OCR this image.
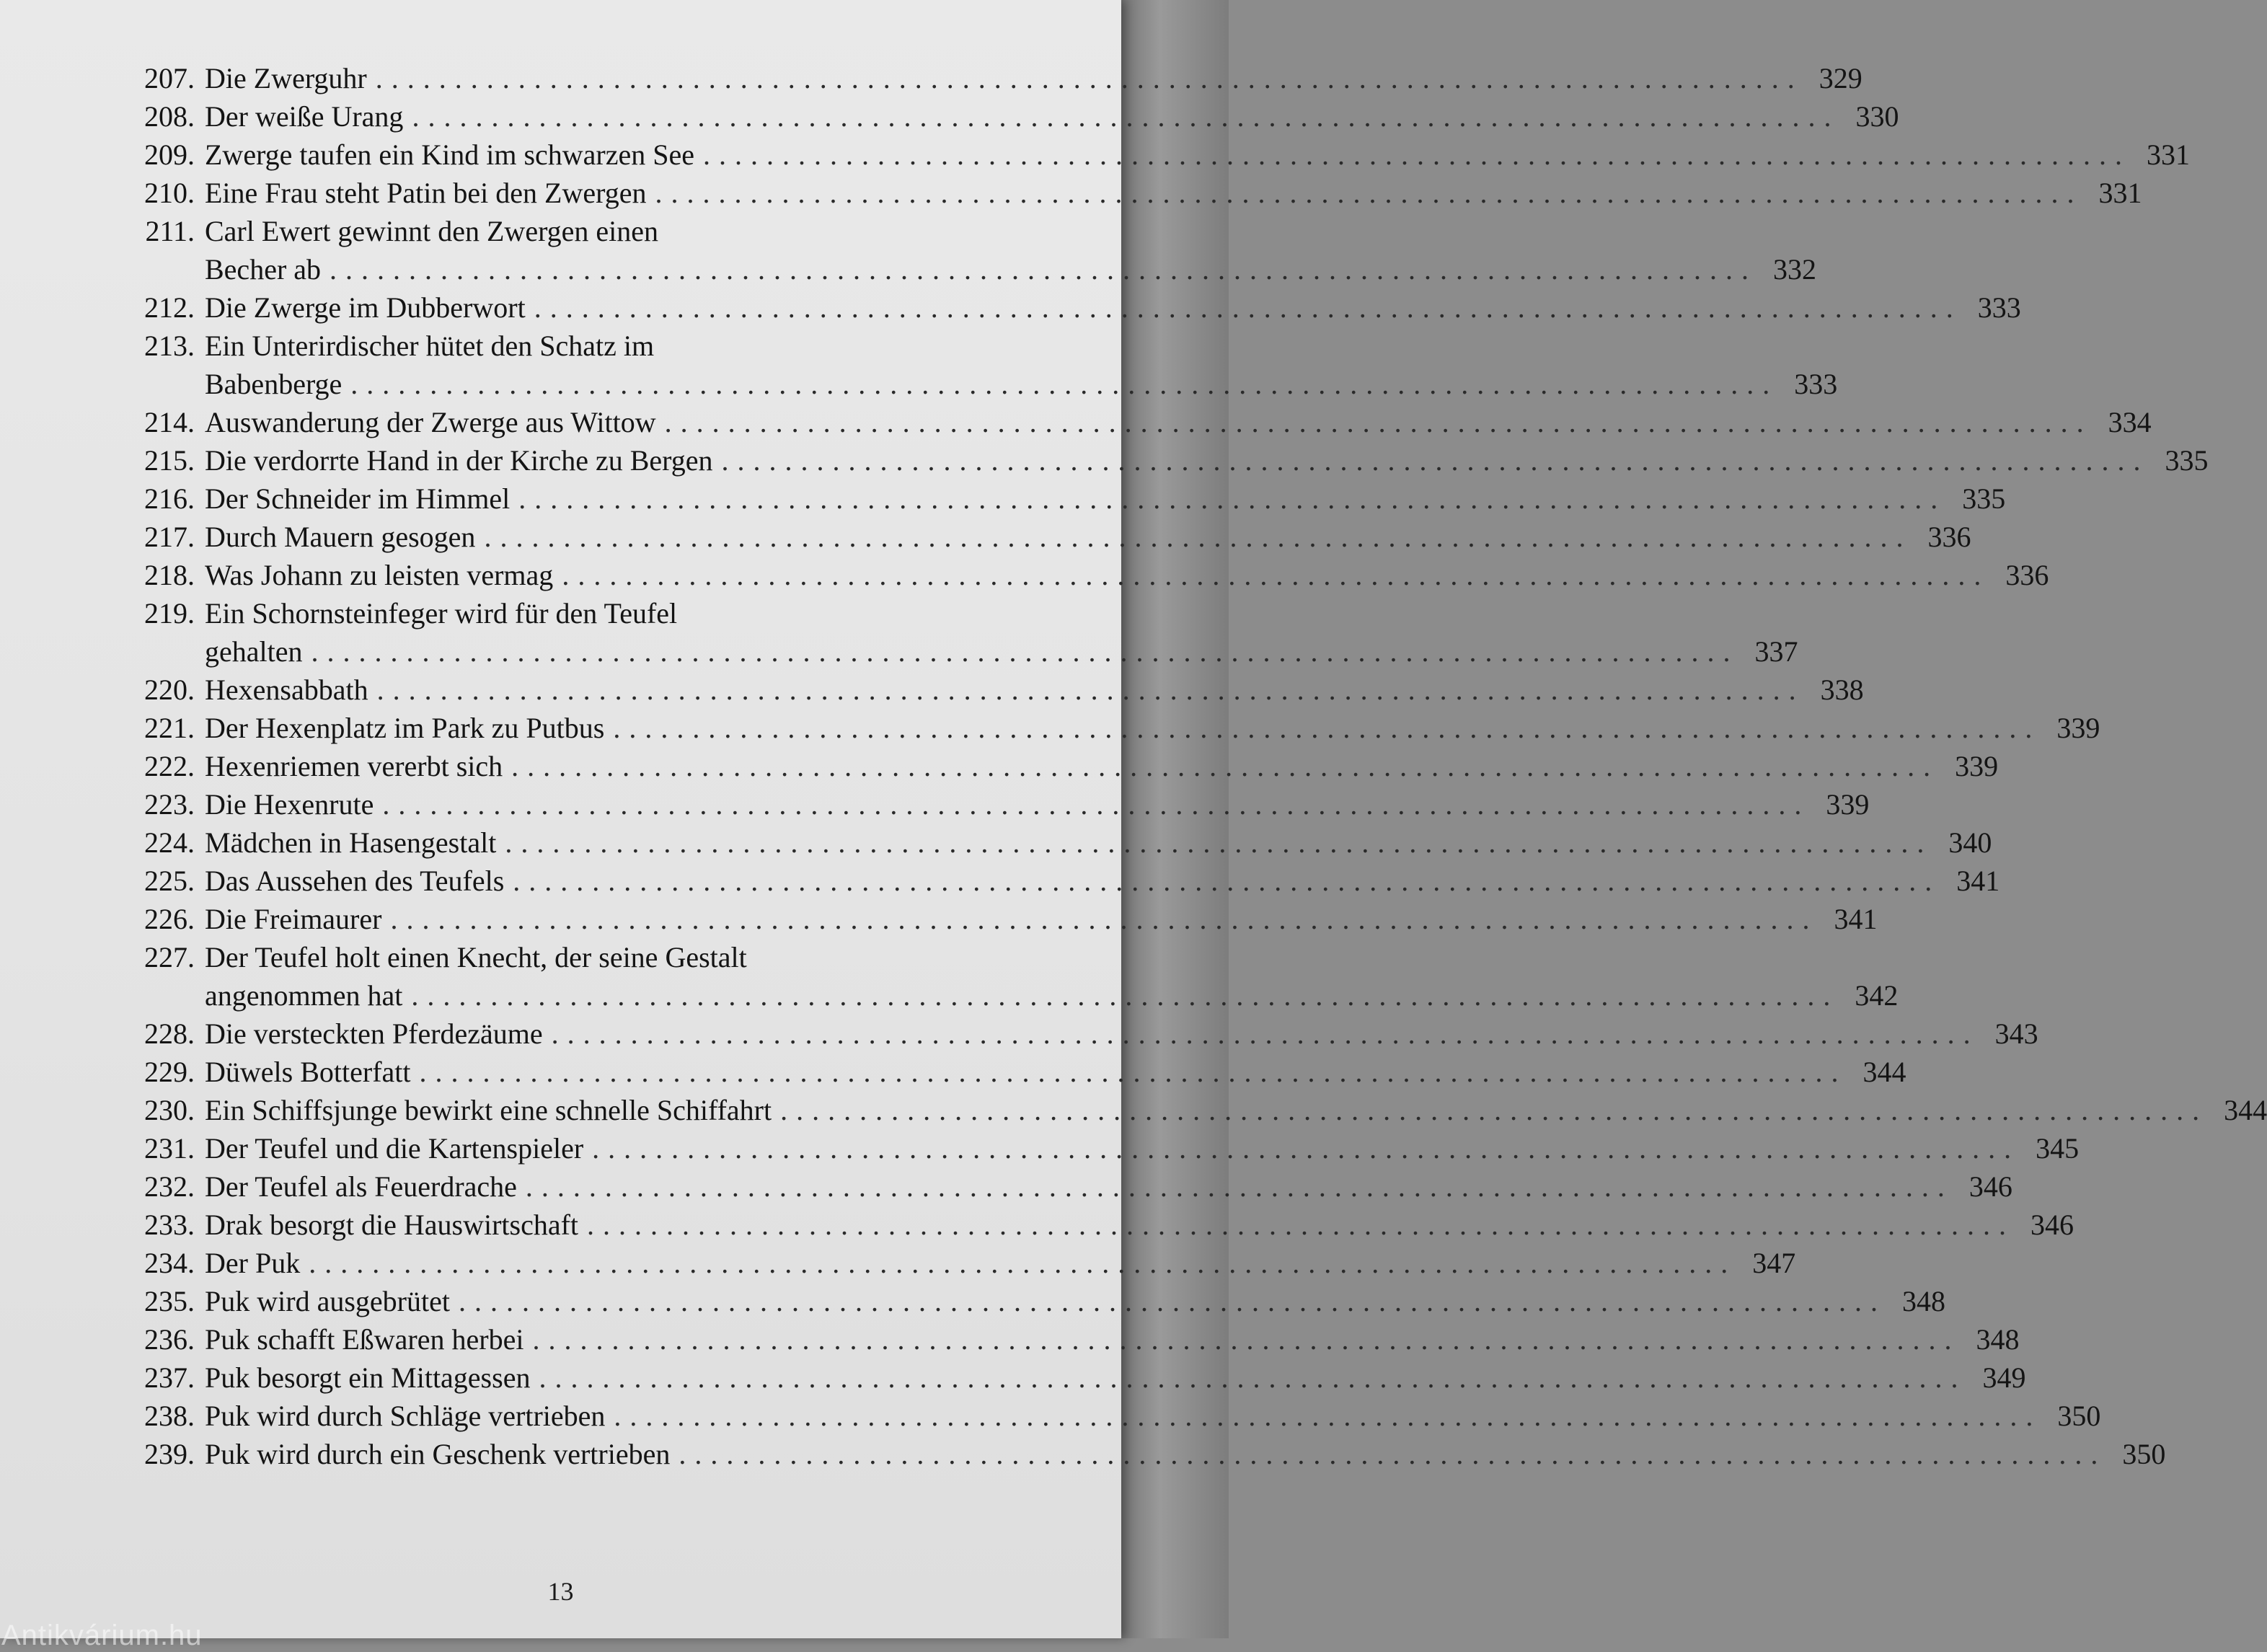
207. Die Zwerguhr .......................................................................................... 329
208. Der weiße Urang .......................................................................................... 330
209. Zwerge taufen ein Kind im schwarzen See .......................................................................................... 331
210. Eine Frau steht Patin bei den Zwergen .......................................................................................... 331
211. Carl Ewert gewinnt den Zwergen einen
Becher ab .......................................................................................... 332
212. Die Zwerge im Dubberwort .......................................................................................... 333
213. Ein Unterirdischer hütet den Schatz im
Babenberge .......................................................................................... 333
214. Auswanderung der Zwerge aus Wittow .......................................................................................... 334
215. Die verdorrte Hand in der Kirche zu Bergen .......................................................................................... 335
216. Der Schneider im Himmel .......................................................................................... 335
217. Durch Mauern gesogen .......................................................................................... 336
218. Was Johann zu leisten vermag .......................................................................................... 336
219. Ein Schornsteinfeger wird für den Teufel
gehalten .......................................................................................... 337
220. Hexensabbath .......................................................................................... 338
221. Der Hexenplatz im Park zu Putbus .......................................................................................... 339
222. Hexenriemen vererbt sich .......................................................................................... 339
223. Die Hexenrute .......................................................................................... 339
224. Mädchen in Hasengestalt .......................................................................................... 340
225. Das Aussehen des Teufels .......................................................................................... 341
226. Die Freimaurer .......................................................................................... 341
227. Der Teufel holt einen Knecht, der seine Gestalt
angenommen hat .......................................................................................... 342
228. Die versteckten Pferdezäume .......................................................................................... 343
229. Düwels Botterfatt .......................................................................................... 344
230. Ein Schiffsjunge bewirkt eine schnelle Schiffahrt .......................................................................................... 344
231. Der Teufel und die Kartenspieler .......................................................................................... 345
232. Der Teufel als Feuerdrache .......................................................................................... 346
233. Drak besorgt die Hauswirtschaft .......................................................................................... 346
234. Der Puk .......................................................................................... 347
235. Puk wird ausgebrütet .......................................................................................... 348
236. Puk schafft Eßwaren herbei .......................................................................................... 348
237. Puk besorgt ein Mittagessen .......................................................................................... 349
238. Puk wird durch Schläge vertrieben .......................................................................................... 350
239. Puk wird durch ein Geschenk vertrieben .......................................................................................... 350
13
Antikvárium.hu
